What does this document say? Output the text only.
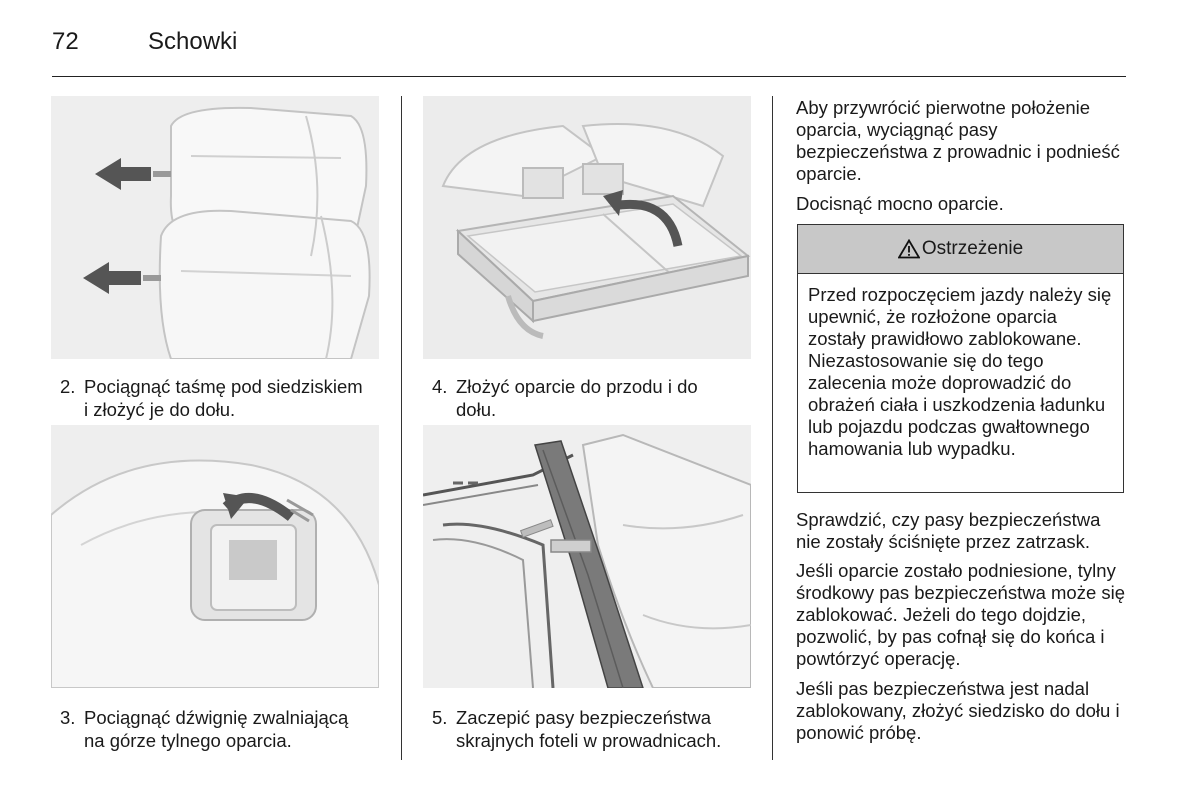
72	Schowki
2. Pociągnąć taśmę pod siedziskiem
i złożyć je do dołu.
3. Pociągnąć dźwignię zwalniającą
na górze tylnego oparcia.
4. Złożyć oparcie do przodu i do
dołu.
5. Zaczepić pasy bezpieczeństwa
skrajnych foteli w prowadnicach.

Aby przywrócić pierwotne położenie oparcia, wyciągnąć pasy bezpieczeństwa z prowadnic i podnieść oparcie.

Docisnąć mocno oparcie.

Ostrzeżenie
Przed rozpoczęciem jazdy należy się upewnić, że rozłożone oparcia zostały prawidłowo zablokowane. Niezastosowanie się do tego zalecenia może doprowadzić do obrażeń ciała i uszkodzenia ładunku lub pojazdu podczas gwałtownego hamowania lub wypadku.

Sprawdzić, czy pasy bezpieczeństwa nie zostały ściśnięte przez zatrzask.

Jeśli oparcie zostało podniesione, tylny środkowy pas bezpieczeństwa może się zablokować. Jeżeli do tego dojdzie, pozwolić, by pas cofnął się do końca i powtórzyć operację.

Jeśli pas bezpieczeństwa jest nadal zablokowany, złożyć siedzisko do dołu i ponowić próbę.
